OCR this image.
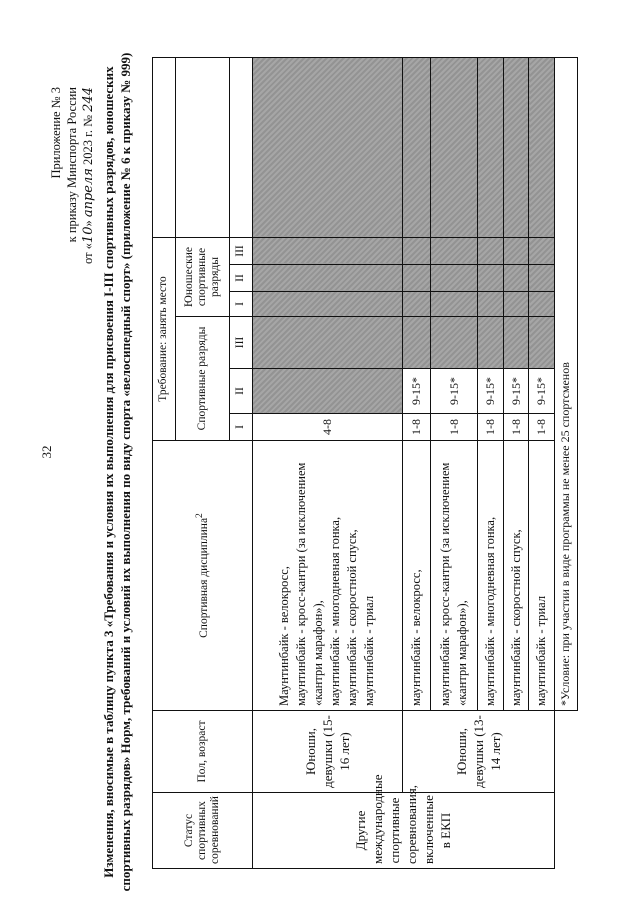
32
Приложение № 3 к приказу Минспорта России
от «10» апреля 2023 г. № 244 Изменения, вносимые в таблицу пункта 3 «Требования и условия их выполнения для присвоения I-III спортивных разрядов, юношеских спортивных разрядов» Норм, требований и условий их выполнения по виду спорта «велосипедный спорт» (приложение № 6 к приказу № 999)	Статус спортивных соревнований	Пол, возраст	Спортивная дисциплина$^2$	Требование: занять место						
			Спортивные разряды			Юношеские спортивные разряды			
			I	II	III	I	II	III	
Другие международные спортивные соревнования, включенные в ЕКП	Юноши, девушки (15-16 лет)	Маунтинбайк - велокросс, маунтинбайк - кросс-кантри (за исключением «кантри марафон»), маунтинбайк - многодневная гонка, маунтинбайк - скоростной спуск, маунтинбайк - триал	4-8						
	Юноши, девушки (13-14 лет)	маунтинбайк - велокросс,	1-8	9-15*					
		маунтинбайк - кросс-кантри (за исключением «кантри марафон»),	1-8	9-15*					
		маунтинбайк - многодневная гонка,	1-8	9-15*					
		маунтинбайк - скоростной спуск,	1-8	9-15*					
		маунтинбайк - триал	1-8	9-15*					
		*Условие: при участии в виде программы не менее 25 спортсменов							
